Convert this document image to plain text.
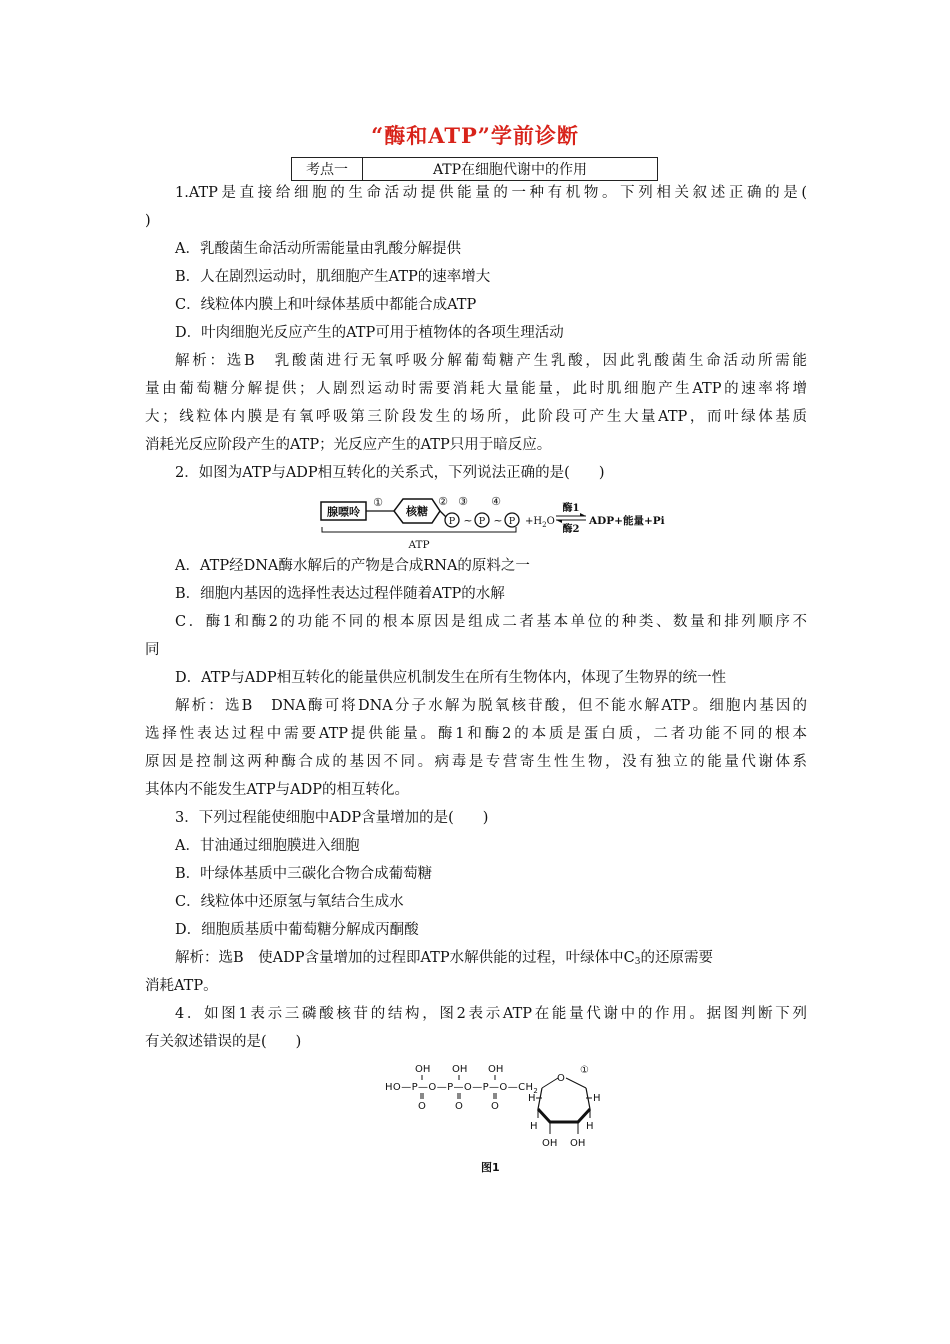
“酶和ATP”学前诊断
考点一	ATP在细胞代谢中的作用
1.ATP是直接给细胞的生命活动提供能量的一种有机物。下列相关叙述正确的是(
)
A．乳酸菌生命活动所需能量由乳酸分解提供
B．人在剧烈运动时，肌细胞产生ATP的速率增大
C．线粒体内膜上和叶绿体基质中都能合成ATP
D．叶肉细胞光反应产生的ATP可用于植物体的各项生理活动
解析：选B　乳酸菌进行无氧呼吸分解葡萄糖产生乳酸，因此乳酸菌生命活动所需能
量由葡萄糖分解提供；人剧烈运动时需要消耗大量能量，此时肌细胞产生ATP的速率将增
大；线粒体内膜是有氧呼吸第三阶段发生的场所，此阶段可产生大量ATP，而叶绿体基质
消耗光反应阶段产生的ATP；光反应产生的ATP只用于暗反应。
2．如图为ATP与ADP相互转化的关系式，下列说法正确的是(　　)
腺嘌呤
①
核糖
P
② ③
~ P
④
~ $P +H_2O$
酶1
酶2
ADP+能量+Pi
ATP
A．ATP经DNA酶水解后的产物是合成RNA的原料之一
B．细胞内基因的选择性表达过程伴随着ATP的水解
C．酶1和酶2的功能不同的根本原因是组成二者基本单位的种类、数量和排列顺序不
同
D．ATP与ADP相互转化的能量供应机制发生在所有生物体内，体现了生物界的统一性
解析：选B　DNA酶可将DNA分子水解为脱氧核苷酸，但不能水解ATP。细胞内基因的
选择性表达过程中需要ATP提供能量。酶1和酶2的本质是蛋白质，二者功能不同的根本
原因是控制这两种酶合成的基因不同。病毒是专营寄生性生物，没有独立的能量代谢体系
其体内不能发生ATP与ADP的相互转化。
3．下列过程能使细胞中ADP含量增加的是(　　)
A．甘油通过细胞膜进入细胞
B．叶绿体基质中三碳化合物合成葡萄糖
C．线粒体中还原氢与氧结合生成水
D．细胞质基质中葡萄糖分解成丙酮酸
解析：选B　使ADP含量增加的过程即ATP水解供能的过程，叶绿体中$C_3$的还原需要
消耗ATP。
4．如图1表示三磷酸核苷的结构，图2表示ATP在能量代谢中的作用。据图判断下列
有关叙述错误的是(　　)
OH OH OH
$HO—P—O—P—O—P—O—CH_2$
O	O	O
O
①
H	H
H	H
OH OH
图1
